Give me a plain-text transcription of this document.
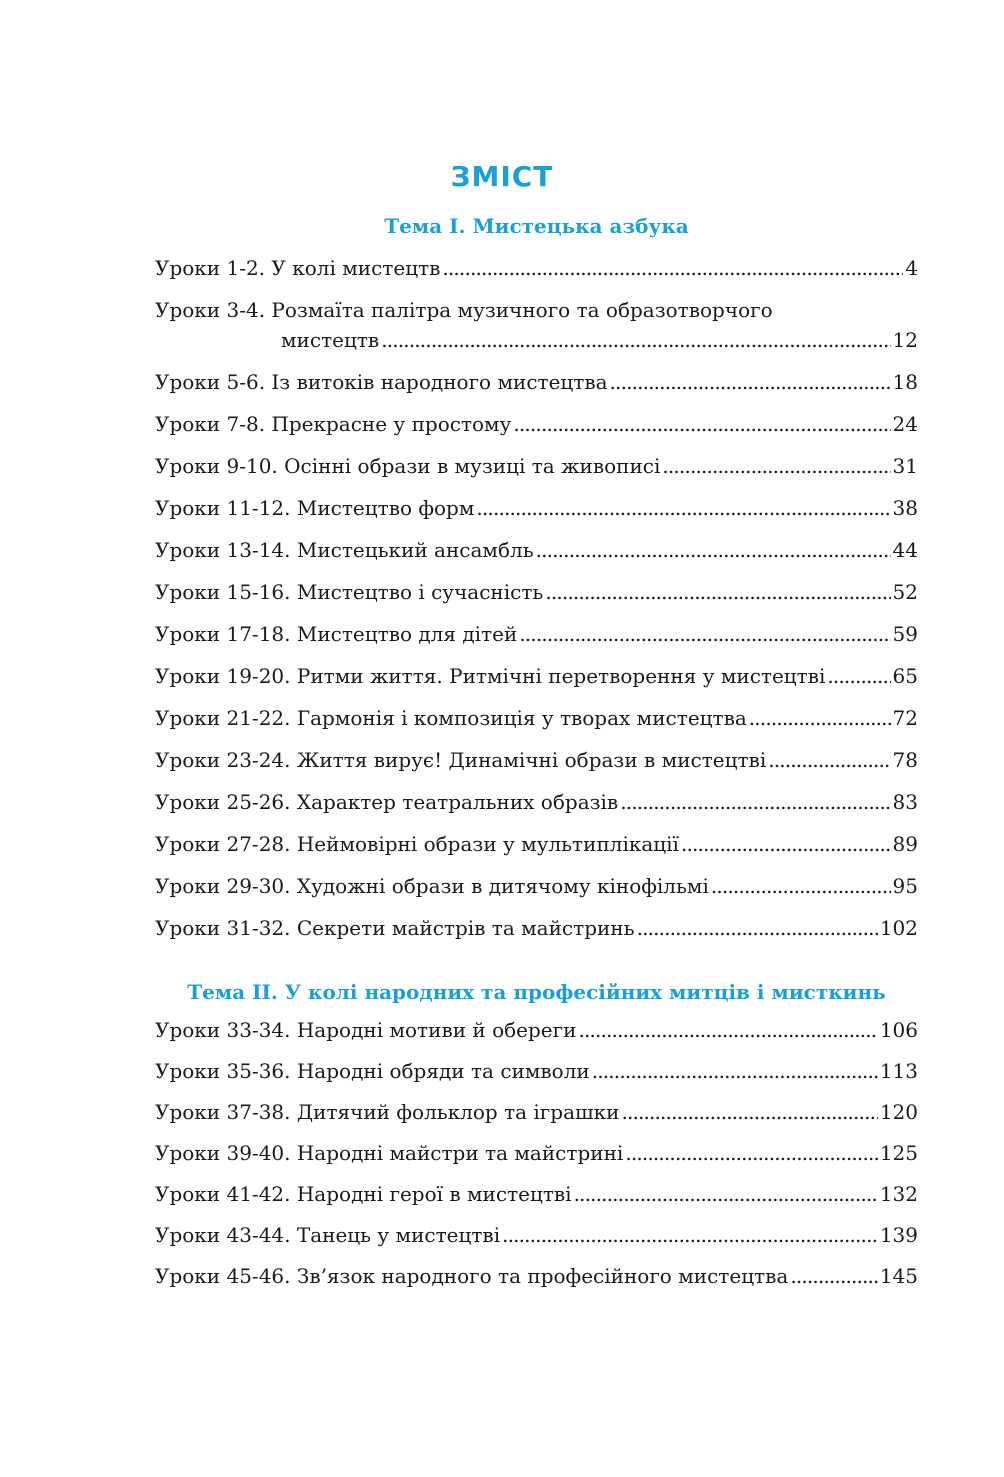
ЗМІСТ
Тема І. Мистецька азбука
Уроки 1-2. У колі мистецтв . . .	4
Уроки 3-4. Розмаїта палітра музичного та образотворчого
мистецтв . . .	12
Уроки 5-6. Із витоків народного мистецтва . . .	18
Уроки 7-8. Прекрасне у простому . . .	24
Уроки 9-10. Осінні образи в музиці та живописі . . .	31
Уроки 11-12. Мистецтво форм . . .	38
Уроки 13-14. Мистецький ансамбль . . .	44
Уроки 15-16. Мистецтво і сучасність . . .	52
Уроки 17-18. Мистецтво для дітей . . .	59
Уроки 19-20. Ритми життя. Ритмічні перетворення у мистецтві . . .	65
Уроки 21-22. Гармонія і композиція у творах мистецтва . . .	72
Уроки 23-24. Життя вирує! Динамічні образи в мистецтві . . .	78
Уроки 25-26. Характер театральних образів . . .	83
Уроки 27-28. Неймовірні образи у мультиплікації . . .	89
Уроки 29-30. Художні образи в дитячому кінофільмі . . .	95
Уроки 31-32. Секрети майстрів та майстринь . . .	102
Тема ІІ. У колі народних та професійних митців і мисткинь
Уроки 33-34. Народні мотиви й обереги . . .	106
Уроки 35-36. Народні обряди та символи . . .	113
Уроки 37-38. Дитячий фольклор та іграшки . . .	120
Уроки 39-40. Народні майстри та майстрині . . .	125
Уроки 41-42. Народні герої в мистецтві . . .	132
Уроки 43-44. Танець у мистецтві . . .	139
Уроки 45-46. Зв’язок народного та професійного мистецтва . . .	145
